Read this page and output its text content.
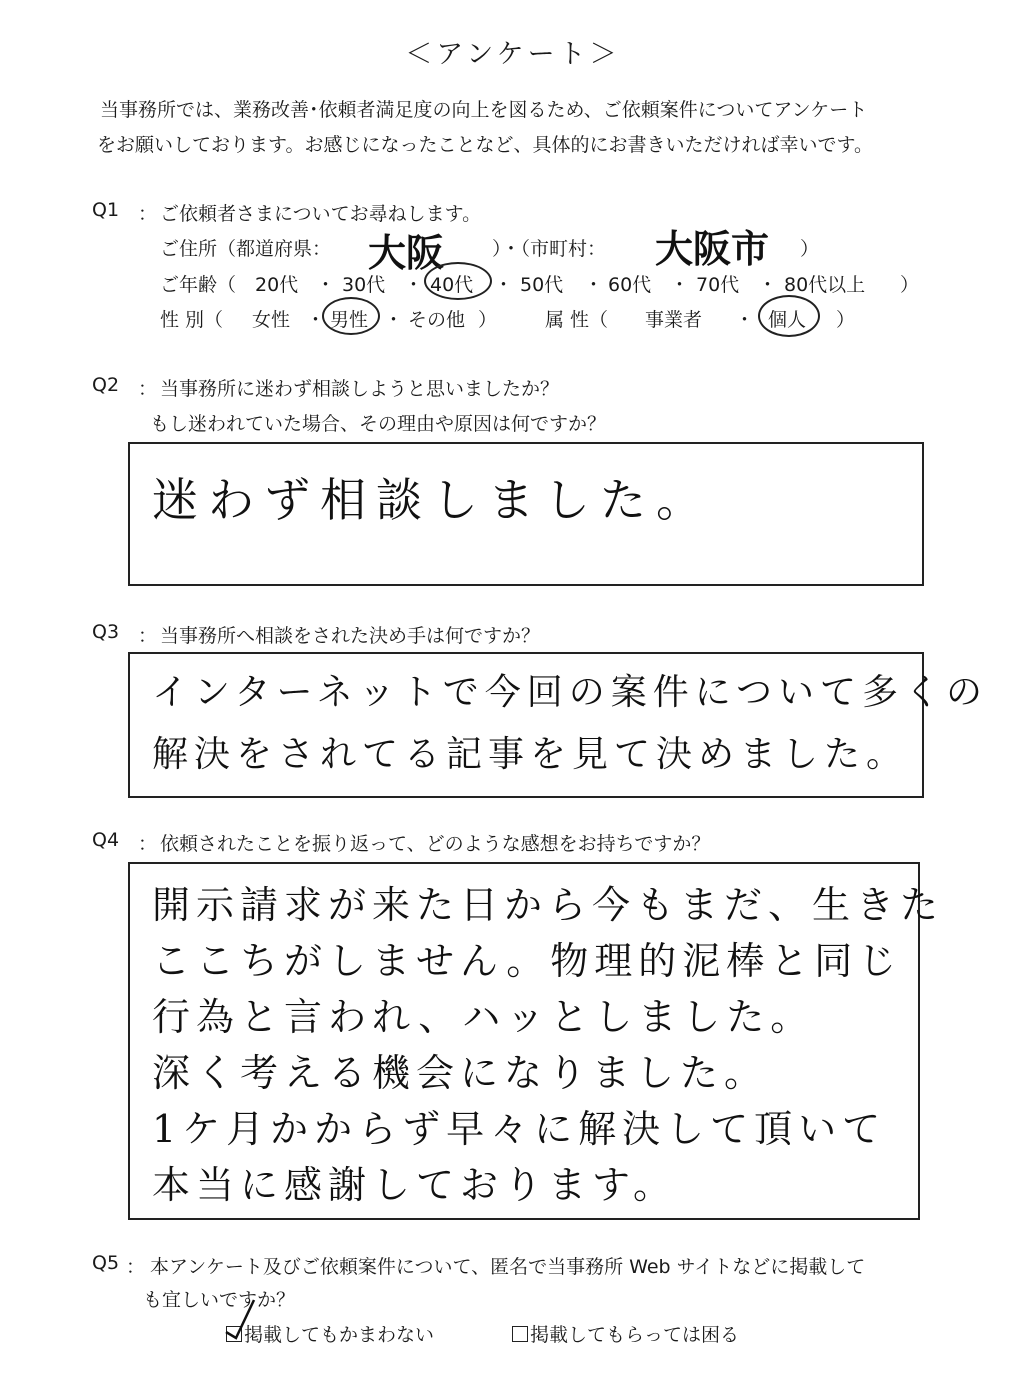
＜アンケート＞
当事務所では、業務改善･依頼者満足度の向上を図るため、ご依頼案件についてアンケート
をお願いしております。お感じになったことなど、具体的にお書きいただければ幸いです。
Q1 ： ご依頼者さまについてお尋ねします。
ご住所（都道府県： 大阪	）・（市町村： 大阪市 ）
ご年齢（ 20代 ・ 30代 ・ 40代 ・ 50代 ・ 60代 ・ 70代 ・ 80代以上 ）
性 別（ 女性 ・ 男性 ・ その他 ）	属 性（ 事業者 ・ 個人 ）
Q2 ： 当事務所に迷わず相談しようと思いましたか？
もし迷われていた場合、その理由や原因は何ですか？
迷わず相談しました。
Q3 ： 当事務所へ相談をされた決め手は何ですか？
インターネットで今回の案件について多くの
解決をされてる記事を見て決めました。
Q4 ： 依頼されたことを振り返って、どのような感想をお持ちですか？
開示請求が来た日から今もまだ、生きた
ここちがしません。物理的泥棒と同じ
行為と言われ、ハッとしました。
深く考える機会になりました。
1ケ月かからず早々に解決して頂いて
本当に感謝しております。
Q5 ： 本アンケート及びご依頼案件について、匿名で当事務所 Web サイトなどに掲載して
も宜しいですか？
掲載してもかまわない	掲載してもらっては困る
